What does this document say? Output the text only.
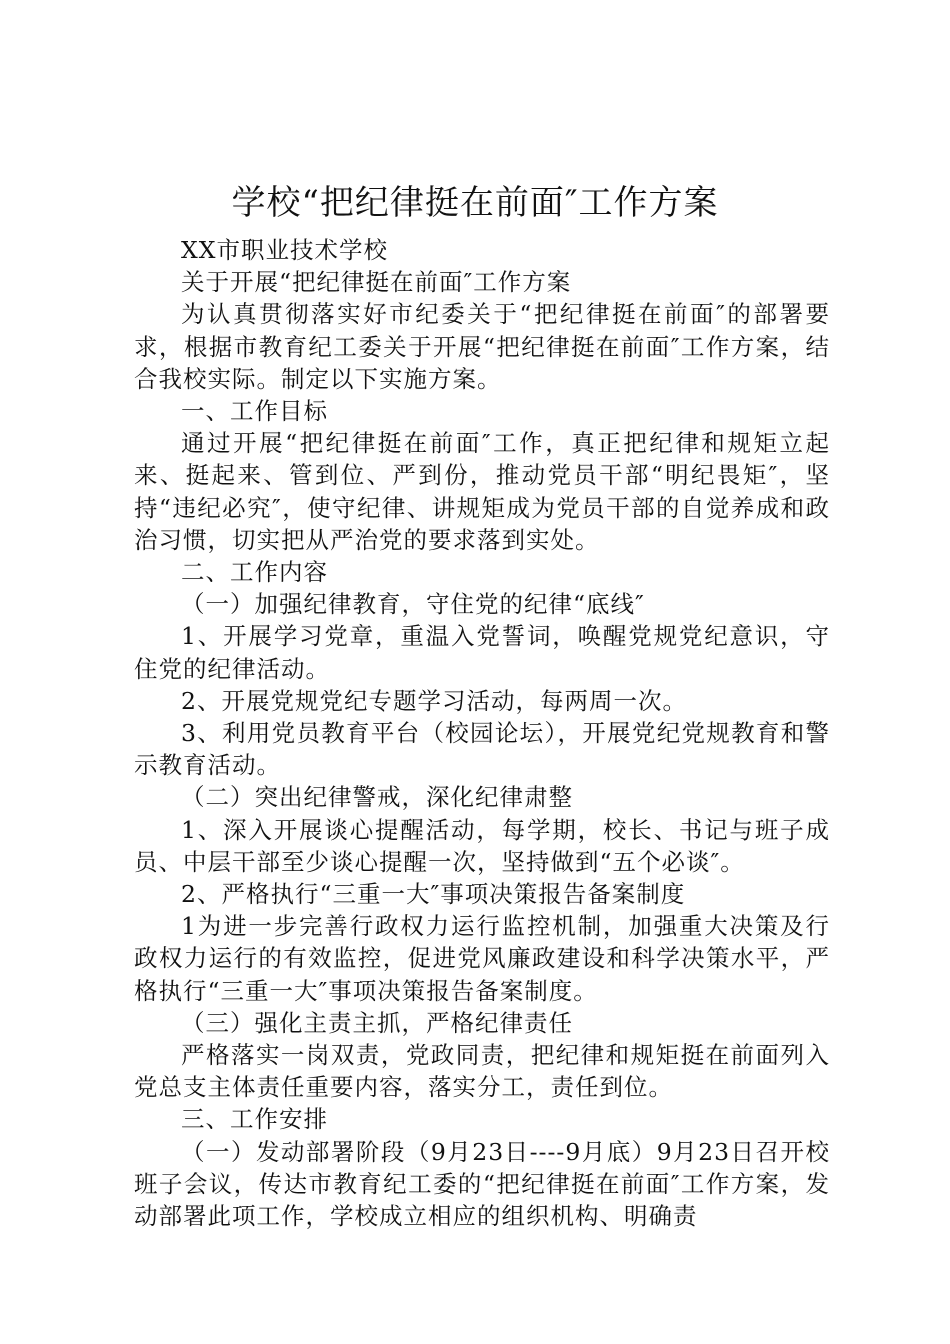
学校“把纪律挺在前面″工作方案

XX市职业技术学校

关于开展“把纪律挺在前面″工作方案

为认真贯彻落实好市纪委关于“把纪律挺在前面″的部署要求，根据市教育纪工委关于开展“把纪律挺在前面″工作方案，结合我校实际。制定以下实施方案。

一、工作目标

通过开展“把纪律挺在前面″工作，真正把纪律和规矩立起来、挺起来、管到位、严到份，推动党员干部“明纪畏矩″，坚持“违纪必究″，使守纪律、讲规矩成为党员干部的自觉养成和政治习惯，切实把从严治党的要求落到实处。

二、工作内容

（一）加强纪律教育，守住党的纪律“底线″

1、开展学习党章，重温入党誓词，唤醒党规党纪意识，守住党的纪律活动。

2、开展党规党纪专题学习活动，每两周一次。

3、利用党员教育平台（校园论坛），开展党纪党规教育和警示教育活动。

（二）突出纪律警戒，深化纪律肃整

1、深入开展谈心提醒活动，每学期，校长、书记与班子成员、中层干部至少谈心提醒一次，坚持做到“五个必谈″。

2、严格执行“三重一大″事项决策报告备案制度

1为进一步完善行政权力运行监控机制，加强重大决策及行政权力运行的有效监控，促进党风廉政建设和科学决策水平，严格执行“三重一大″事项决策报告备案制度。

（三）强化主责主抓，严格纪律责任

严格落实一岗双责，党政同责，把纪律和规矩挺在前面列入党总支主体责任重要内容，落实分工，责任到位。

三、工作安排

（一）发动部署阶段（9月23日----9月底）9月23日召开校班子会议，传达市教育纪工委的“把纪律挺在前面″工作方案，发动部署此项工作，学校成立相应的组织机构、明确责
